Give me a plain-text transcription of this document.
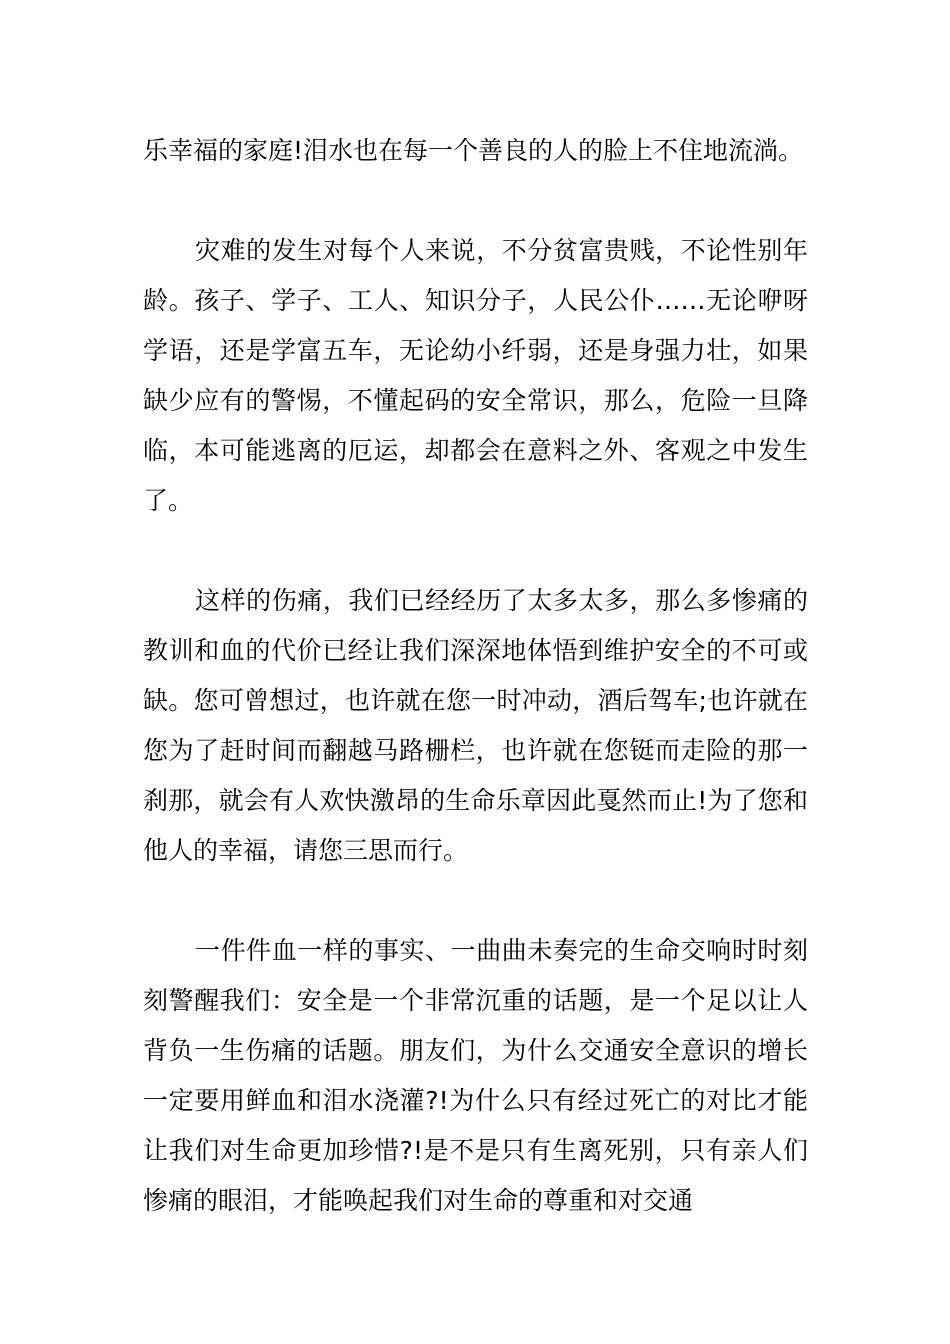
乐幸福的家庭!泪水也在每一个善良的人的脸上不住地流淌。

灾难的发生对每个人来说，不分贫富贵贱，不论性别年龄。孩子、学子、工人、知识分子，人民公仆……无论咿呀学语，还是学富五车，无论幼小纤弱，还是身强力壮，如果缺少应有的警惕，不懂起码的安全常识，那么，危险一旦降临，本可能逃离的厄运，却都会在意料之外、客观之中发生了。

这样的伤痛，我们已经经历了太多太多，那么多惨痛的教训和血的代价已经让我们深深地体悟到维护安全的不可或缺。您可曾想过，也许就在您一时冲动，酒后驾车;也许就在您为了赶时间而翻越马路栅栏，也许就在您铤而走险的那一刹那，就会有人欢快激昂的生命乐章因此戛然而止!为了您和他人的幸福，请您三思而行。

一件件血一样的事实、一曲曲未奏完的生命交响时时刻刻警醒我们：安全是一个非常沉重的话题，是一个足以让人背负一生伤痛的话题。朋友们，为什么交通安全意识的增长一定要用鲜血和泪水浇灌?!为什么只有经过死亡的对比才能让我们对生命更加珍惜?!是不是只有生离死别，只有亲人们惨痛的眼泪，才能唤起我们对生命的尊重和对交通
